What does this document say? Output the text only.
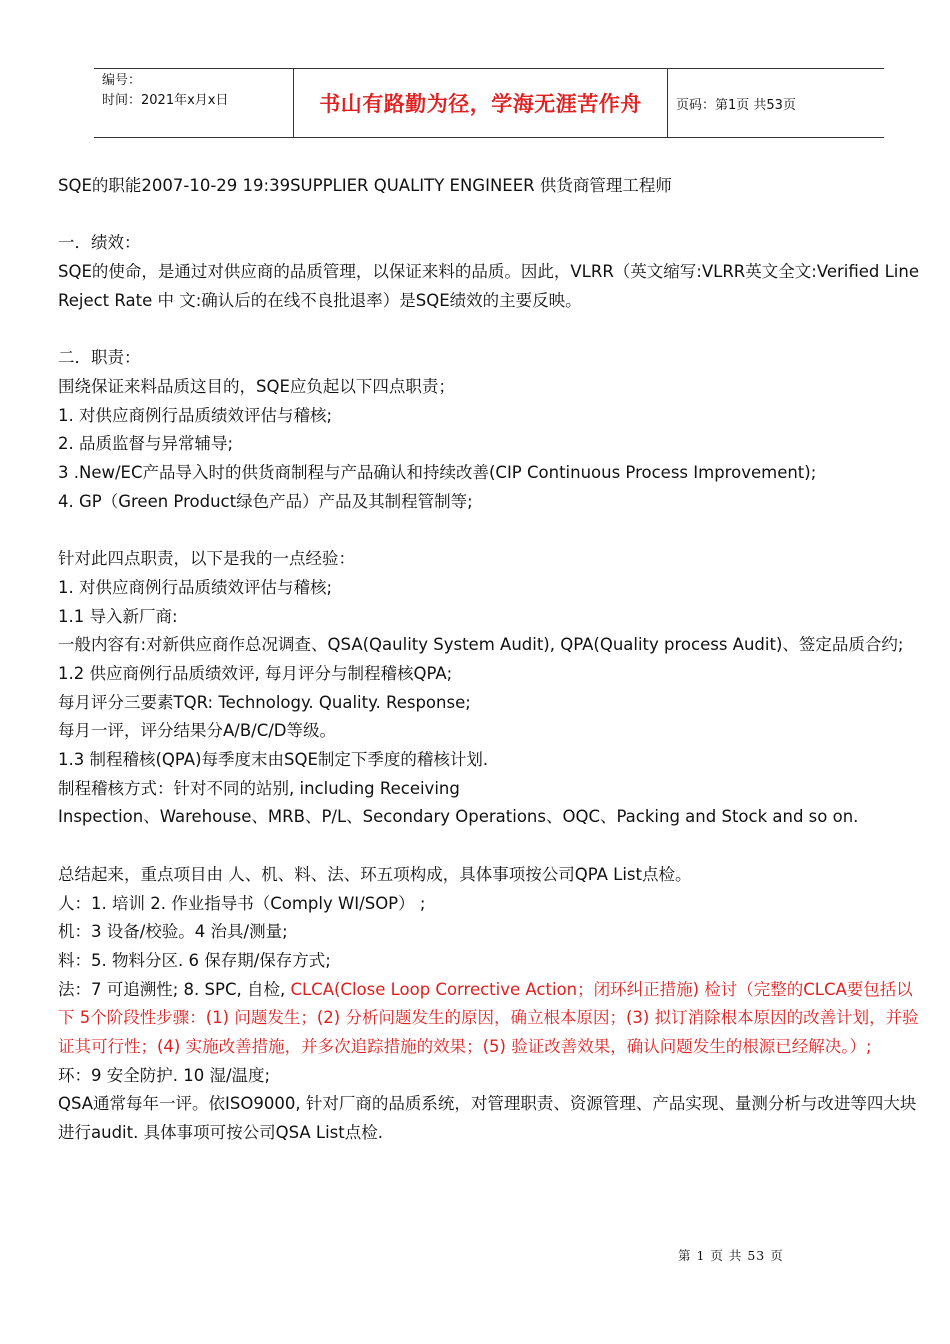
编号：
时间：2021年x月x日	书山有路勤为径，学海无涯苦作舟	页码：第1页 共53页

SQE的职能2007-10-29 19:39SUPPLIER QUALITY ENGINEER 供货商管理工程师

一．绩效：

SQE的使命，是通过对供应商的品质管理，以保证来料的品质。因此，VLRR（英文缩写:VLRR英文全文:Verified Line Reject Rate 中 文:确认后的在线不良批退率）是SQE绩效的主要反映。

二．职责：

围绕保证来料品质这目的，SQE应负起以下四点职责；

1. 对供应商例行品质绩效评估与稽核;

2. 品质监督与异常辅导;

3 .New/EC产品导入时的供货商制程与产品确认和持续改善(CIP Continuous Process Improvement);

4. GP（Green Product绿色产品）产品及其制程管制等;

针对此四点职责，以下是我的一点经验：

1. 对供应商例行品质绩效评估与稽核;

1.1 导入新厂商:

一般内容有:对新供应商作总况调查、QSA(Qaulity System Audit), QPA(Quality process Audit)、签定品质合约;

1.2 供应商例行品质绩效评, 每月评分与制程稽核QPA;

每月评分三要素TQR: Technology. Quality. Response;

每月一评，评分结果分A/B/C/D等级。

1.3 制程稽核(QPA)每季度末由SQE制定下季度的稽核计划.

制程稽核方式：针对不同的站别, including Receiving

Inspection、Warehouse、MRB、P/L、Secondary Operations、OQC、Packing and Stock and so on.

总结起来，重点项目由 人、机、料、法、环五项构成，具体事项按公司QPA List点检。

人：1. 培训 2. 作业指导书（Comply WI/SOP） ;

机：3 设备/校验。4 治具/测量;

料：5. 物料分区. 6 保存期/保存方式;

法：7 可追溯性; 8. SPC, 自检, CLCA(Close Loop Corrective Action；闭环纠正措施) 检讨（完整的CLCA要包括以下 5个阶段性步骤：(1) 问题发生；(2) 分析问题发生的原因，确立根本原因；(3) 拟订消除根本原因的改善计划，并验证其可行性；(4) 实施改善措施，并多次追踪措施的效果；(5) 验证改善效果，确认问题发生的根源已经解决。）;

环：9 安全防护. 10 湿/温度;

QSA通常每年一评。依ISO9000, 针对厂商的品质系统，对管理职责、资源管理、产品实现、量测分析与改进等四大块进行audit. 具体事项可按公司QSA List点检.

第 1 页 共 53 页
